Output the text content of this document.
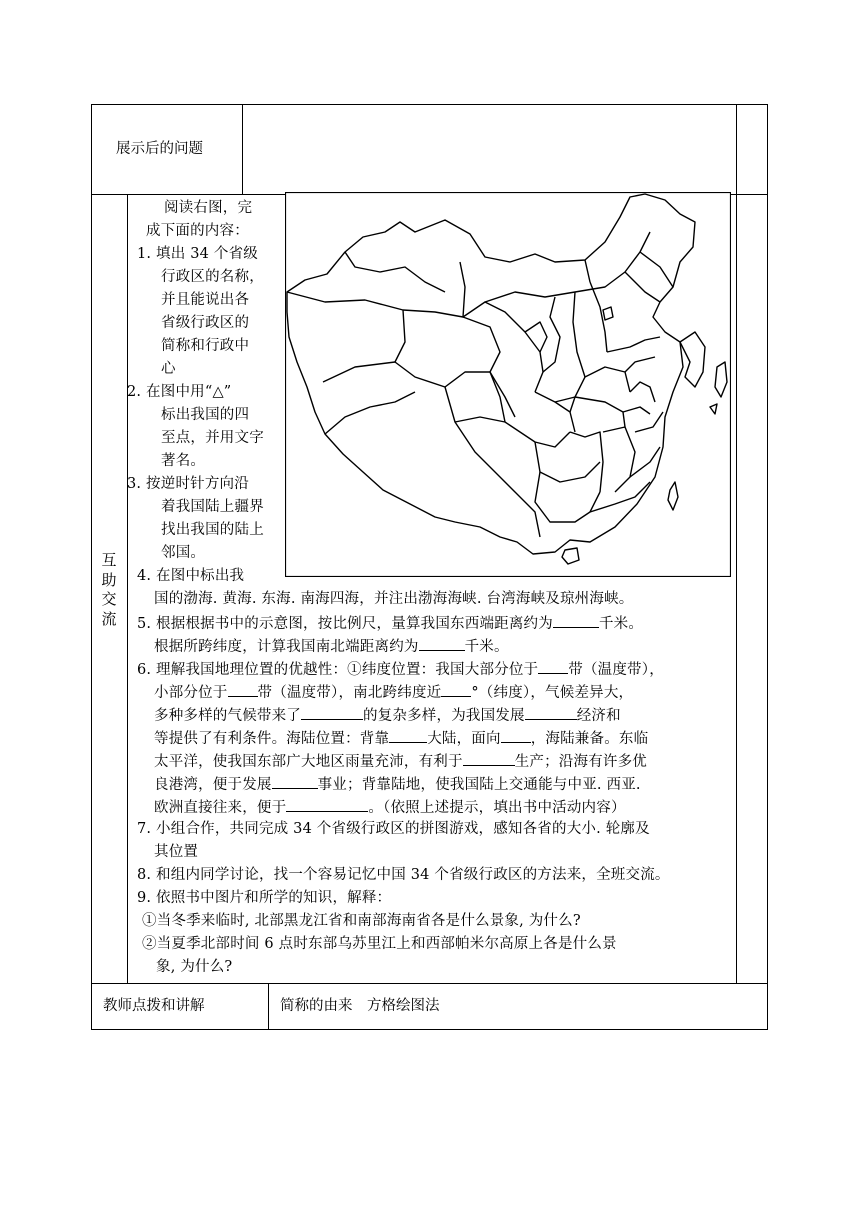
展示后的问题
互
助
交
流
阅读右图，完
成下面的内容：
1. 填出 34 个省级
行政区的名称，
并且能说出各
省级行政区的
简称和行政中
心
2. 在图中用“△”
标出我国的四
至点，并用文字
著名。
3. 按逆时针方向沿
着我国陆上疆界
找出我国的陆上
邻国。
4. 在图中标出我
国的渤海. 黄海. 东海. 南海四海，并注出渤海海峡. 台湾海峡及琼州海峡。
5. 根据根据书中的示意图，按比例尺，量算我国东西端距离约为	千米。
根据所跨纬度，计算我国南北端距离约为	千米。
6. 理解我国地理位置的优越性：①纬度位置：我国大部分位于 带（温度带），
小部分位于 带（温度带），南北跨纬度近 °（纬度），气候差异大，
多种多样的气候带来了	的复杂多样，为我国发展	经济和
等提供了有利条件。海陆位置：背靠	大陆，面向 ，海陆兼备。东临
太平洋，使我国东部广大地区雨量充沛，有利于	生产；沿海有许多优
良港湾，便于发展	事业；背靠陆地，使我国陆上交通能与中亚. 西亚.
欧洲直接往来，便于	。（依照上述提示，填出书中活动内容）
7. 小组合作，共同完成 34 个省级行政区的拼图游戏，感知各省的大小. 轮廓及
其位置
8. 和组内同学讨论，找一个容易记忆中国 34 个省级行政区的方法来，全班交流。
9. 依照书中图片和所学的知识，解释：
①当冬季来临时, 北部黑龙江省和南部海南省各是什么景象, 为什么?
②当夏季北部时间 6 点时东部乌苏里江上和西部帕米尔高原上各是什么景
象, 为什么?
教师点拨和讲解	简称的由来　方格绘图法
